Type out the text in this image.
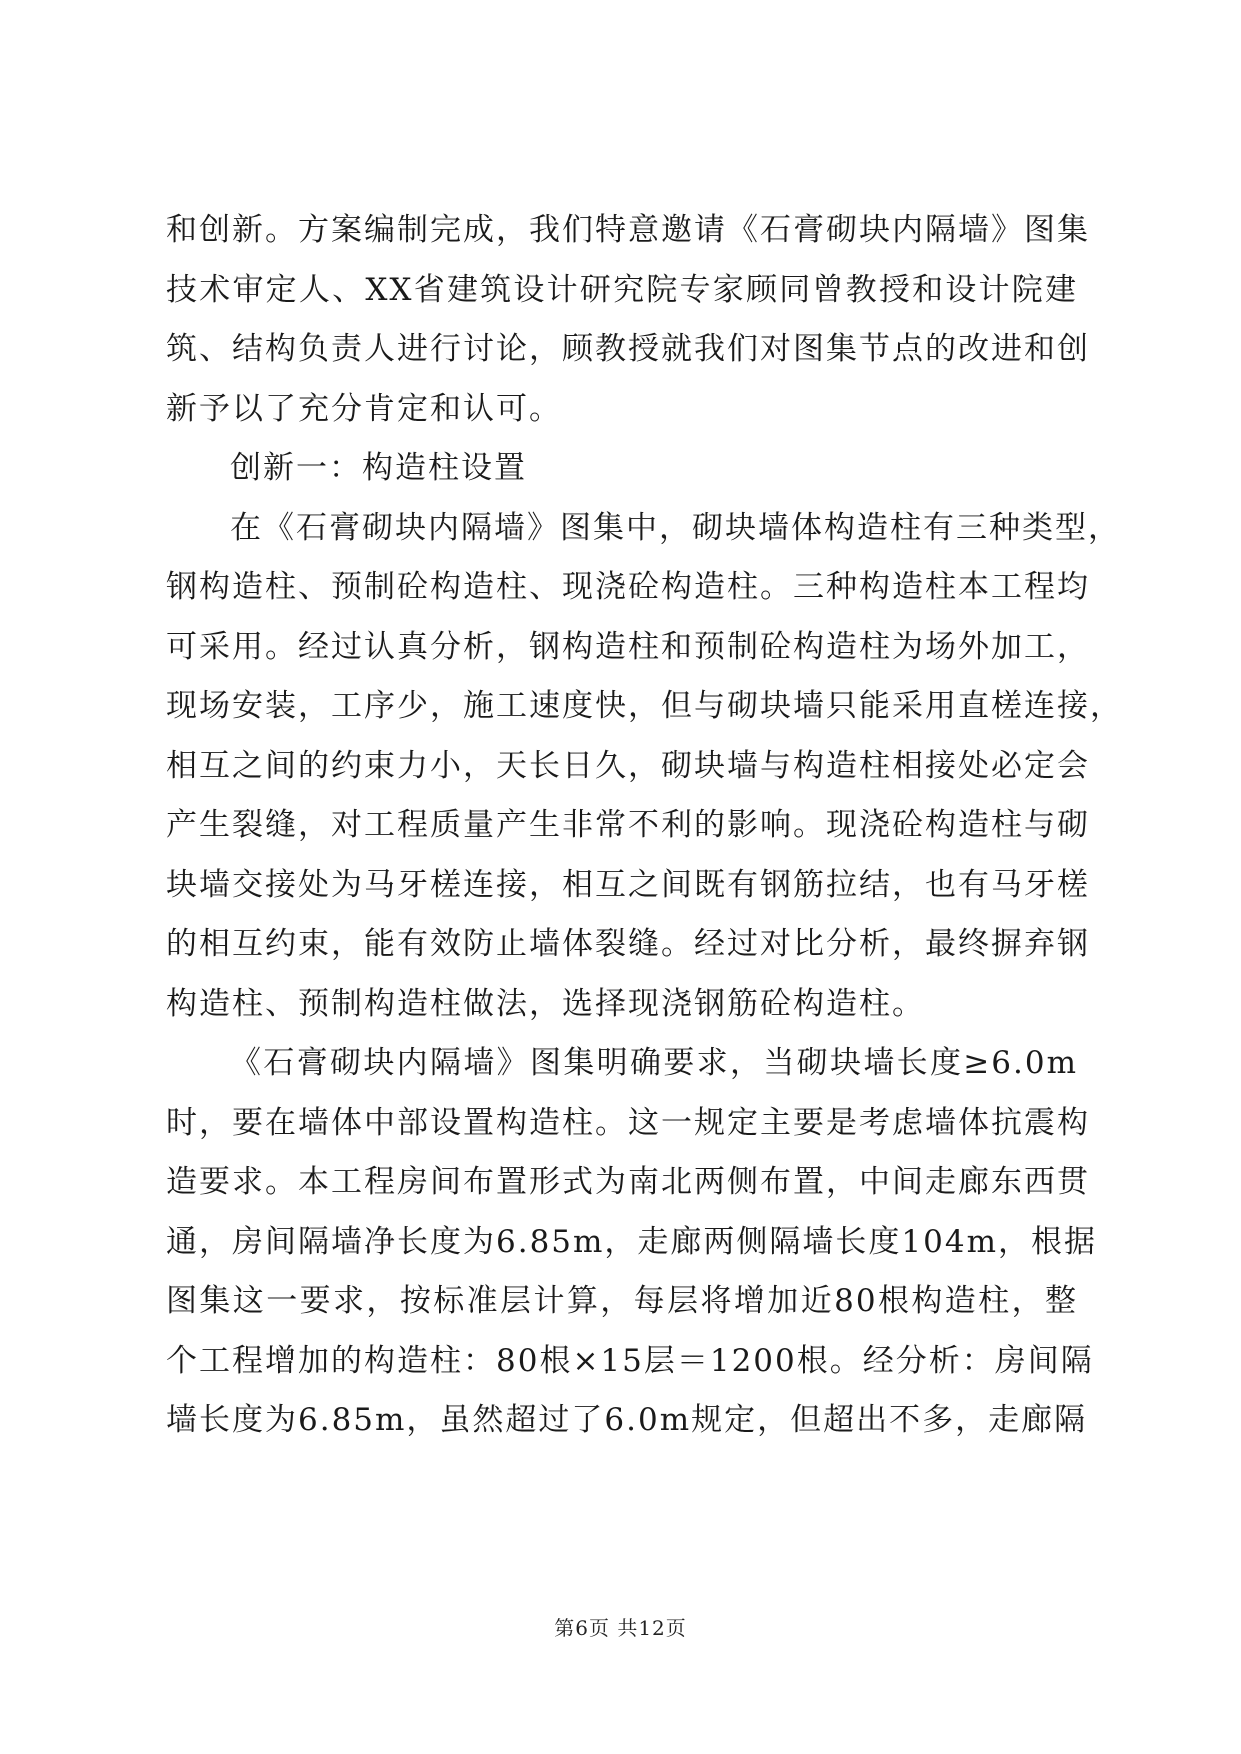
和创新。方案编制完成，我们特意邀请《石膏砌块内隔墙》图集
技术审定人、XX省建筑设计研究院专家顾同曾教授和设计院建
筑、结构负责人进行讨论，顾教授就我们对图集节点的改进和创
新予以了充分肯定和认可。
创新一：构造柱设置
在《石膏砌块内隔墙》图集中，砌块墙体构造柱有三种类型，
钢构造柱、预制砼构造柱、现浇砼构造柱。三种构造柱本工程均
可采用。经过认真分析，钢构造柱和预制砼构造柱为场外加工，
现场安装，工序少，施工速度快，但与砌块墙只能采用直槎连接，
相互之间的约束力小，天长日久，砌块墙与构造柱相接处必定会
产生裂缝，对工程质量产生非常不利的影响。现浇砼构造柱与砌
块墙交接处为马牙槎连接，相互之间既有钢筋拉结，也有马牙槎
的相互约束，能有效防止墙体裂缝。经过对比分析，最终摒弃钢
构造柱、预制构造柱做法，选择现浇钢筋砼构造柱。
《石膏砌块内隔墙》图集明确要求，当砌块墙长度≥6.0m
时，要在墙体中部设置构造柱。这一规定主要是考虑墙体抗震构
造要求。本工程房间布置形式为南北两侧布置，中间走廊东西贯
通，房间隔墙净长度为6.85m，走廊两侧隔墙长度104m，根据
图集这一要求，按标准层计算，每层将增加近80根构造柱，整
个工程增加的构造柱：80根×15层＝1200根。经分析：房间隔
墙长度为6.85m，虽然超过了6.0m规定，但超出不多，走廊隔
第6页 共12页
